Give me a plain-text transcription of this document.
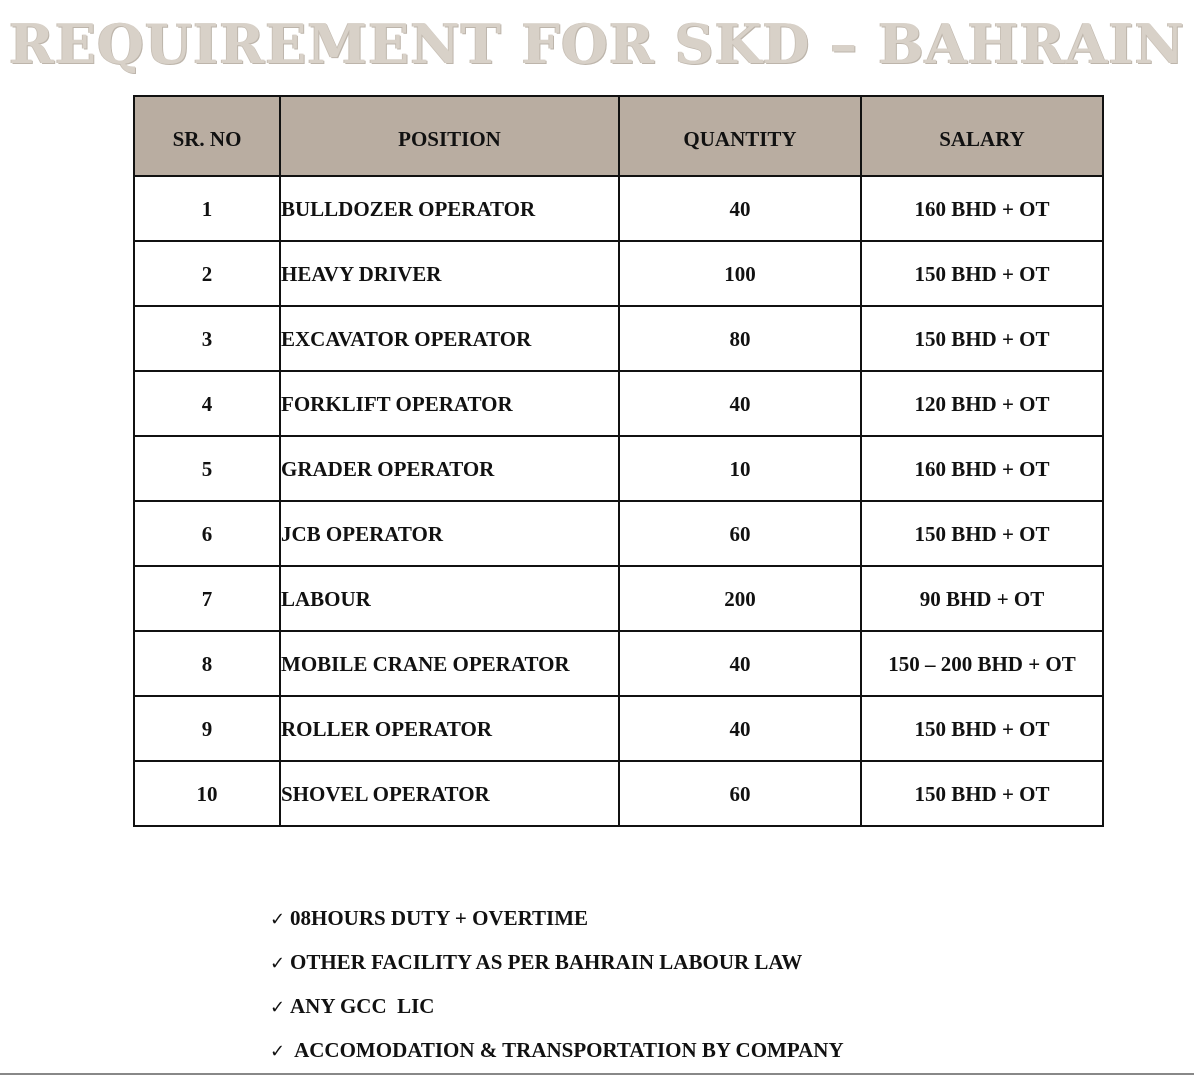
REQUIREMENT FOR SKD – BAHRAIN
SR. NO	POSITION	QUANTITY	SALARY
1	BULLDOZER OPERATOR	40	160 BHD + OT
2	HEAVY DRIVER	100	150 BHD + OT
3	EXCAVATOR OPERATOR	80	150 BHD + OT
4	FORKLIFT OPERATOR	40	120 BHD + OT
5	GRADER OPERATOR	10	160 BHD + OT
6	JCB OPERATOR	60	150 BHD + OT
7	LABOUR	200	90 BHD + OT
8	MOBILE CRANE OPERATOR	40	150 – 200 BHD + OT
9	ROLLER OPERATOR	40	150 BHD + OT
10	SHOVEL OPERATOR	60	150 BHD + OT
✓ 08HOURS DUTY + OVERTIME
✓ OTHER FACILITY AS PER BAHRAIN LABOUR LAW
✓ ANY GCC  LIC
✓ ACCOMODATION & TRANSPORTATION BY COMPANY
